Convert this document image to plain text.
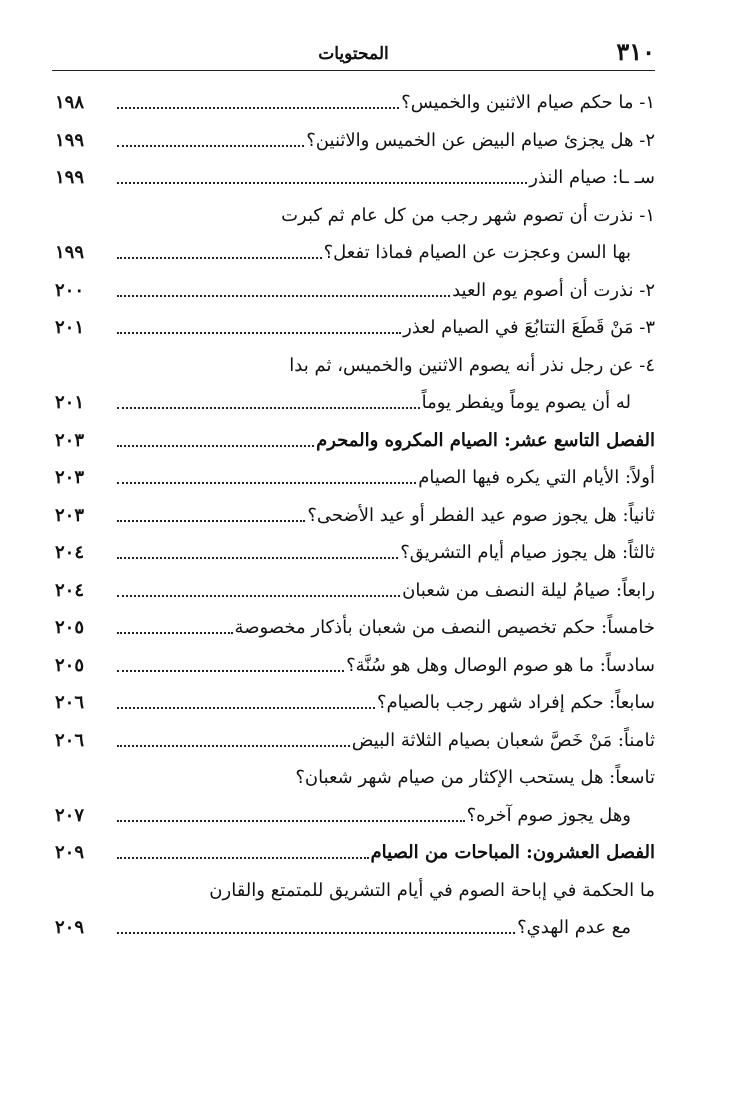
٣١٠
المحتويات
١- ما حكم صيام الاثنين والخميس؟
١٩٨
٢- هل يجزئ صيام البيض عن الخميس والاثنين؟
١٩٩
سـ ـا: صيام النذر
١٩٩
١- نذرت أن تصوم شهر رجب من كل عام ثم كبرت
بها السن وعجزت عن الصيام فماذا تفعل؟
١٩٩
٢- نذرت أن أصوم يوم العيد
٢٠٠
٣- مَنْ قَطَعَ التتابُعَ في الصيام لعذر
٢٠١
٤- عن رجل نذر أنه يصوم الاثنين والخميس، ثم بدا
له أن يصوم يوماً ويفطر يوماً
٢٠١
الفصل التاسع عشر: الصيام المكروه والمحرم
٢٠٣
أولاً: الأيام التي يكره فيها الصيام
٢٠٣
ثانياً: هل يجوز صوم عيد الفطر أو عيد الأضحى؟
٢٠٣
ثالثاً: هل يجوز صيام أيام التشريق؟
٢٠٤
رابعاً: صيامُ ليلة النصف من شعبان
٢٠٤
خامساً: حكم تخصيص النصف من شعبان بأذكار مخصوصة
٢٠٥
سادساً: ما هو صوم الوصال وهل هو سُنَّة؟
٢٠٥
سابعاً: حكم إفراد شهر رجب بالصيام؟
٢٠٦
ثامناً: مَنْ خَصَّ شعبان بصيام الثلاثة البيض
٢٠٦
تاسعاً: هل يستحب الإكثار من صيام شهر شعبان؟
وهل يجوز صوم آخره؟
٢٠٧
الفصل العشرون: المباحات من الصيام
٢٠٩
ما الحكمة في إباحة الصوم في أيام التشريق للمتمتع والقارن
مع عدم الهدي؟
٢٠٩
